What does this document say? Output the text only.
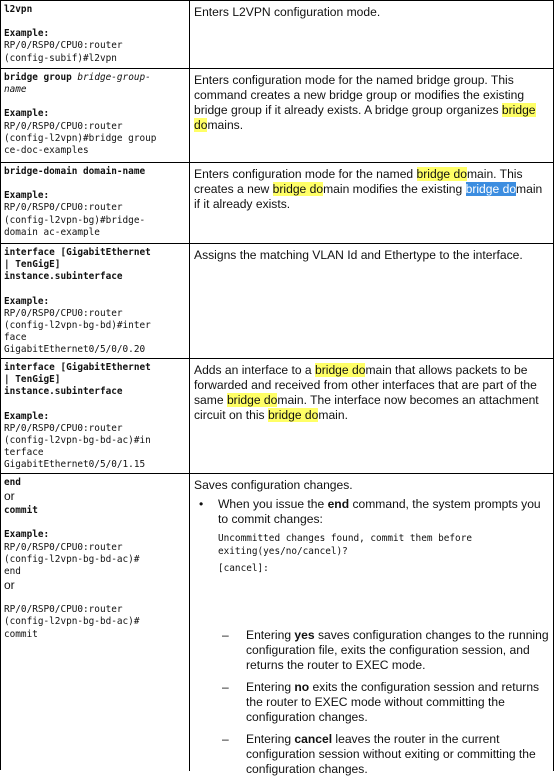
l2vpn
Example:
RP/0/RSP0/CPU0:router
(config-subif)#l2vpn
Enters L2VPN configuration mode.
bridge group bridge-group-
name
Example:
RP/0/RSP0/CPU0:router
(config-l2vpn)#bridge group
ce-doc-examples
Enters configuration mode for the named bridge group. This
command creates a new bridge group or modifies the existing
bridge group if it already exists. A bridge group organizes bridge
domains.
bridge-domain domain-name
Example:
RP/0/RSP0/CPU0:router
(config-l2vpn-bg)#bridge-
domain ac-example
Enters configuration mode for the named bridge domain. This
creates a new bridge domain modifies the existing bridge domain
if it already exists.
interface [GigabitEthernet
| TenGigE]
instance.subinterface
Example:
RP/0/RSP0/CPU0:router
(config-l2vpn-bg-bd)#inter
face
GigabitEthernet0/5/0/0.20
Assigns the matching VLAN Id and Ethertype to the interface.
interface [GigabitEthernet
| TenGigE]
instance.subinterface
Example:
RP/0/RSP0/CPU0:router
(config-l2vpn-bg-bd-ac)#in
terface
GigabitEthernet0/5/0/1.15
Adds an interface to a bridge domain that allows packets to be
forwarded and received from other interfaces that are part of the
same bridge domain. The interface now becomes an attachment
circuit on this bridge domain.
end
or
commit
Example:
RP/0/RSP0/CPU0:router
(config-l2vpn-bg-bd-ac)#
end
or
RP/0/RSP0/CPU0:router
(config-l2vpn-bg-bd-ac)#
commit
Saves configuration changes.
• When you issue the end command, the system prompts you
to commit changes:
Uncommitted changes found, commit them before
exiting(yes/no/cancel)?
[cancel]:
– Entering yes saves configuration changes to the running
configuration file, exits the configuration session, and
returns the router to EXEC mode.
– Entering no exits the configuration session and returns
the router to EXEC mode without committing the
configuration changes.
– Entering cancel leaves the router in the current
configuration session without exiting or committing the
configuration changes.
